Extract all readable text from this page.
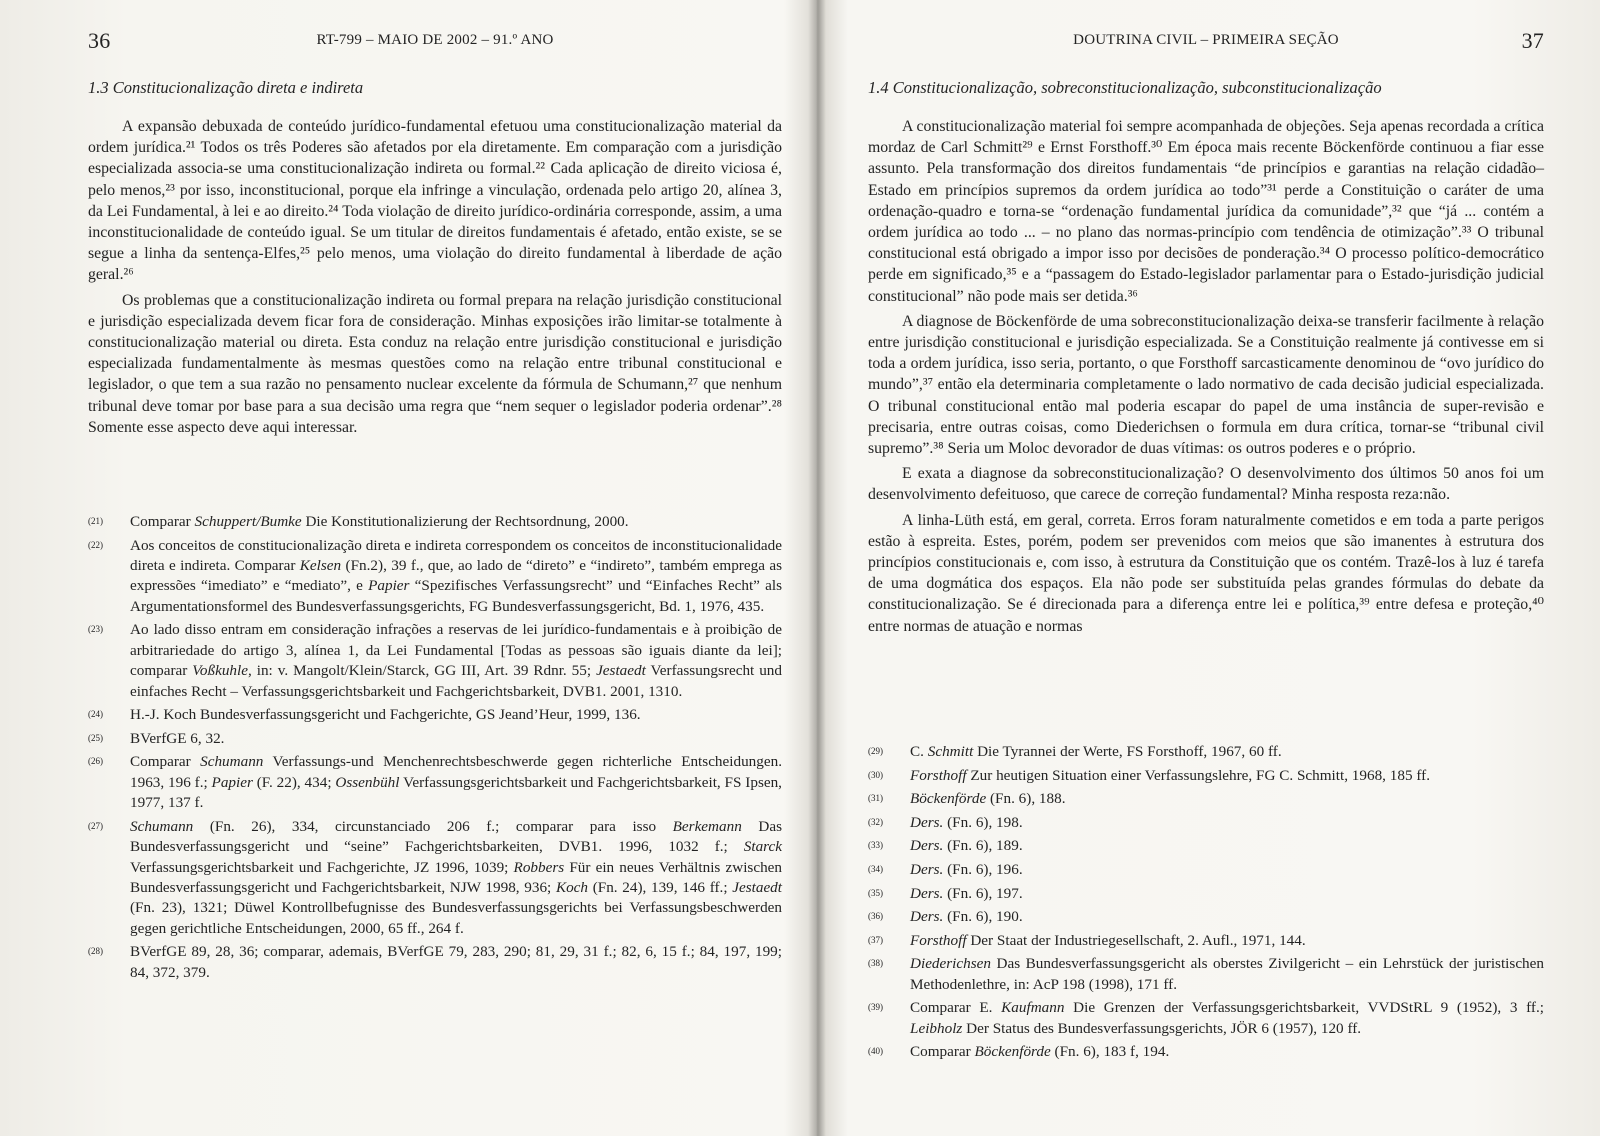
36	RT-799 – MAIO DE 2002 – 91.º ANO
1.3 Constitucionalização direta e indireta

A expansão debuxada de conteúdo jurídico-fundamental efetuou uma constitucionalização material da ordem jurídica.²¹ Todos os três Poderes são afetados por ela diretamente. Em comparação com a jurisdição especializada associa-se uma constitucionalização indireta ou formal.²² Cada aplicação de direito viciosa é, pelo menos,²³ por isso, inconstitucional, porque ela infringe a vinculação, ordenada pelo artigo 20, alínea 3, da Lei Fundamental, à lei e ao direito.²⁴ Toda violação de direito jurídico-ordinária corresponde, assim, a uma inconstitucionalidade de conteúdo igual. Se um titular de direitos fundamentais é afetado, então existe, se se segue a linha da sentença-Elfes,²⁵ pelo menos, uma violação do direito fundamental à liberdade de ação geral.²⁶

Os problemas que a constitucionalização indireta ou formal prepara na relação jurisdição constitucional e jurisdição especializada devem ficar fora de consideração. Minhas exposições irão limitar-se totalmente à constitucionalização material ou direta. Esta conduz na relação entre jurisdição constitucional e jurisdição especializada fundamentalmente às mesmas questões como na relação entre tribunal constitucional e legislador, o que tem a sua razão no pensamento nuclear excelente da fórmula de Schumann,²⁷ que nenhum tribunal deve tomar por base para a sua decisão uma regra que “nem sequer o legislador poderia ordenar”.²⁸ Somente esse aspecto deve aqui interessar.

(21)	Comparar Schuppert/Bumke Die Konstitutionalizierung der Rechtsordnung, 2000.
(22)	Aos conceitos de constitucionalização direta e indireta correspondem os conceitos de inconstitucionalidade direta e indireta. Comparar Kelsen (Fn.2), 39 f., que, ao lado de “direto” e “indireto”, também emprega as expressões “imediato” e “mediato”, e Papier “Spezifisches Verfassungsrecht” und “Einfaches Recht” als Argumentationsformel des Bundesverfassungsgerichts, FG Bundesverfassungsgericht, Bd. 1, 1976, 435.
(23)	Ao lado disso entram em consideração infrações a reservas de lei jurídico-fundamentais e à proibição de arbitrariedade do artigo 3, alínea 1, da Lei Fundamental [Todas as pessoas são iguais diante da lei]; comparar Voßkuhle, in: v. Mangolt/Klein/Starck, GG III, Art. 39 Rdnr. 55; Jestaedt Verfassungsrecht und einfaches Recht – Verfassungsgerichtsbarkeit und Fachgerichtsbarkeit, DVB1. 2001, 1310.
(24)	H.-J. Koch Bundesverfassungsgericht und Fachgerichte, GS Jeand’Heur, 1999, 136.
(25)	BVerfGE 6, 32.
(26)	Comparar Schumann Verfassungs-und Menchenrechtsbeschwerde gegen richterliche Entscheidungen. 1963, 196 f.; Papier (F. 22), 434; Ossenbühl Verfassungsgerichtsbarkeit und Fachgerichtsbarkeit, FS Ipsen, 1977, 137 f.
(27)	Schumann (Fn. 26), 334, circunstanciado 206 f.; comparar para isso Berkemann Das Bundesverfassungsgericht und “seine” Fachgerichtsbarkeiten, DVB1. 1996, 1032 f.; Starck Verfassungsgerichtsbarkeit und Fachgerichte, JZ 1996, 1039; Robbers Für ein neues Verhältnis zwischen Bundesverfassungsgericht und Fachgerichtsbarkeit, NJW 1998, 936; Koch (Fn. 24), 139, 146 ff.; Jestaedt (Fn. 23), 1321; Düwel Kontrollbefugnisse des Bundesverfassungsgerichts bei Verfassungsbeschwerden gegen gerichtliche Entscheidungen, 2000, 65 ff., 264 f.
(28)	BVerfGE 89, 28, 36; comparar, ademais, BVerfGE 79, 283, 290; 81, 29, 31 f.; 82, 6, 15 f.; 84, 197, 199; 84, 372, 379.
DOUTRINA CIVIL – PRIMEIRA SEÇÃO	37
1.4 Constitucionalização, sobreconstitucionalização, subconstitucionalização

A constitucionalização material foi sempre acompanhada de objeções. Seja apenas recordada a crítica mordaz de Carl Schmitt²⁹ e Ernst Forsthoff.³⁰ Em época mais recente Böckenförde continuou a fiar esse assunto. Pela transformação dos direitos fundamentais “de princípios e garantias na relação cidadão–Estado em princípios supremos da ordem jurídica ao todo”³¹ perde a Constituição o caráter de uma ordenação-quadro e torna-se “ordenação fundamental jurídica da comunidade”,³² que “já ... contém a ordem jurídica ao todo ... – no plano das normas-princípio com tendência de otimização”.³³ O tribunal constitucional está obrigado a impor isso por decisões de ponderação.³⁴ O processo político-democrático perde em significado,³⁵ e a “passagem do Estado-legislador parlamentar para o Estado-jurisdição judicial constitucional” não pode mais ser detida.³⁶

A diagnose de Böckenförde de uma sobreconstitucionalização deixa-se transferir facilmente à relação entre jurisdição constitucional e jurisdição especializada. Se a Constituição realmente já contivesse em si toda a ordem jurídica, isso seria, portanto, o que Forsthoff sarcasticamente denominou de “ovo jurídico do mundo”,³⁷ então ela determinaria completamente o lado normativo de cada decisão judicial especializada. O tribunal constitucional então mal poderia escapar do papel de uma instância de super-revisão e precisaria, entre outras coisas, como Diederichsen o formula em dura crítica, tornar-se “tribunal civil supremo”.³⁸ Seria um Moloc devorador de duas vítimas: os outros poderes e o próprio.

E exata a diagnose da sobreconstitucionalização? O desenvolvimento dos últimos 50 anos foi um desenvolvimento defeituoso, que carece de correção fundamental? Minha resposta reza:não.

A linha-Lüth está, em geral, correta. Erros foram naturalmente cometidos e em toda a parte perigos estão à espreita. Estes, porém, podem ser prevenidos com meios que são imanentes à estrutura dos princípios constitucionais e, com isso, à estrutura da Constituição que os contém. Trazê-los à luz é tarefa de uma dogmática dos espaços. Ela não pode ser substituída pelas grandes fórmulas do debate da constitucionalização. Se é direcionada para a diferença entre lei e política,³⁹ entre defesa e proteção,⁴⁰ entre normas de atuação e normas

(29)	C. Schmitt Die Tyrannei der Werte, FS Forsthoff, 1967, 60 ff.
(30)	Forsthoff Zur heutigen Situation einer Verfassungslehre, FG C. Schmitt, 1968, 185 ff.
(31)	Böckenförde (Fn. 6), 188.
(32)	Ders. (Fn. 6), 198.
(33)	Ders. (Fn. 6), 189.
(34)	Ders. (Fn. 6), 196.
(35)	Ders. (Fn. 6), 197.
(36)	Ders. (Fn. 6), 190.
(37)	Forsthoff Der Staat der Industriegesellschaft, 2. Aufl., 1971, 144.
(38)	Diederichsen Das Bundesverfassungsgericht als oberstes Zivilgericht – ein Lehrstück der juristischen Methodenlethre, in: AcP 198 (1998), 171 ff.
(39)	Comparar E. Kaufmann Die Grenzen der Verfassungsgerichtsbarkeit, VVDStRL 9 (1952), 3 ff.; Leibholz Der Status des Bundesverfassungsgerichts, JÖR 6 (1957), 120 ff.
(40)	Comparar Böckenförde (Fn. 6), 183 f, 194.
